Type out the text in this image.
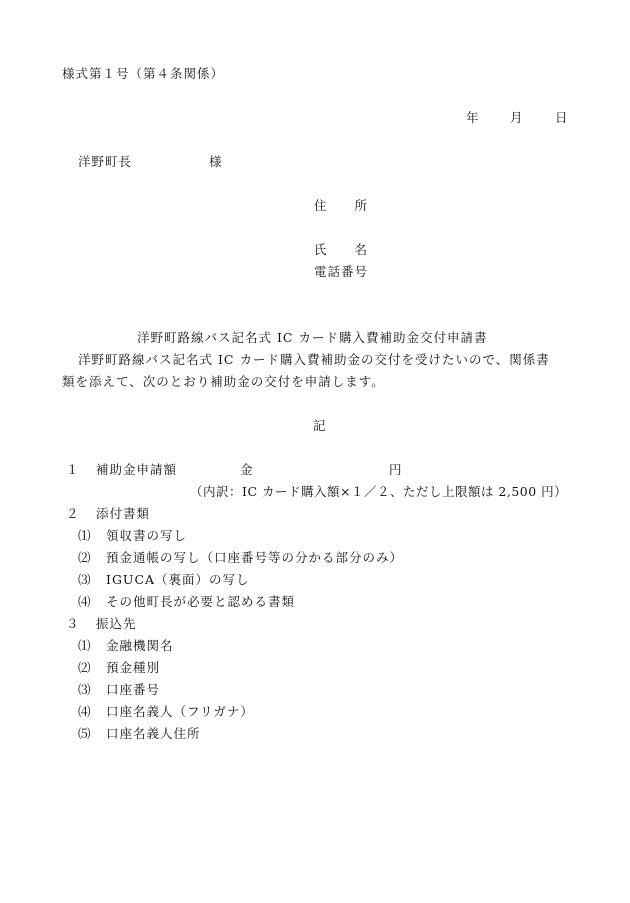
様式第１号（第４条関係）
年 月	日
洋野町長	様
住　　所
氏　　名
電話番号
洋野町路線バス記名式 IC カード購入費補助金交付申請書
洋野町路線バス記名式 IC カード購入費補助金の交付を受けたいので、関係書
類を添えて、次のとおり補助金の交付を申請します。
記
１ 補助金申請額	金	円
（内訳：IC カード購入額×１／２、ただし上限額は 2,500 円）
２ 添付書類
⑴ 領収書の写し
⑵ 預金通帳の写し（口座番号等の分かる部分のみ）
⑶ IGUCA（裏面）の写し
⑷ その他町長が必要と認める書類
３ 振込先
⑴ 金融機関名
⑵ 預金種別
⑶ 口座番号
⑷ 口座名義人（フリガナ）
⑸ 口座名義人住所
